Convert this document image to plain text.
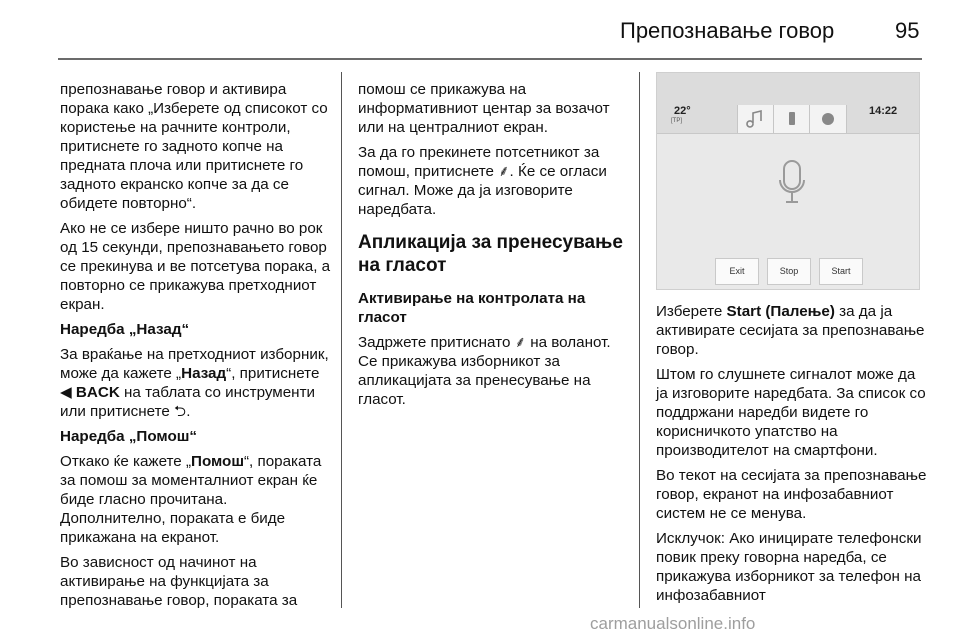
Препознавање говор	95

препознавање говор и активира порака како „Изберете од списокот со користење на рачните контроли, притиснете го задното копче на предната плоча или притиснете го задното екранско копче за да се обидете повторно“.

Ако не се избере ништо рачно во рок од 15 секунди, препознавањето говор се прекинува и ве потсетува порака, а повторно се прикажува претходниот екран.

Наредба „Назад“

За враќање на претходниот изборник, може да кажете „Назад“, притиснете ◀ BACK на таблата со инструменти или притиснете ⮌.

Наредба „Помош“

Откако ќе кажете „Помош“, пораката за помош за моменталниот екран ќе биде гласно прочитана. Дополнително, пораката е биде прикажана на екранот.

Во зависност од начинот на активирање на функцијата за препознавање говор, пораката за

помош се прикажува на информативниот центар за возачот или на централниот екран.

За да го прекинете потсетникот за помош, притиснете ⸙. Ќе се огласи сигнал. Може да ја изговорите наредбата.

Апликација за пренесување на гласот

Активирање на контролата на гласот

Задржете притиснато ⸙ на воланот. Се прикажува изборникот за апликацијата за пренесување на гласот.

22°
[TP]
14:22
Exit	Stop	Start

Изберете Start (Палење) за да ја активирате сесијата за препознавање говор.

Штом го слушнете сигналот може да ја изговорите наредбата. За список со поддржани наредби видете го корисничкото упатство на производителот на смартфони.

Во текот на сесијата за препознавање говор, екранот на инфозабавниот систем не се менува.

Исклучок: Ако иницирате телефонски повик преку говорна наредба, се прикажува изборникот за телефон на инфозабавниот

carmanualsonline.info
